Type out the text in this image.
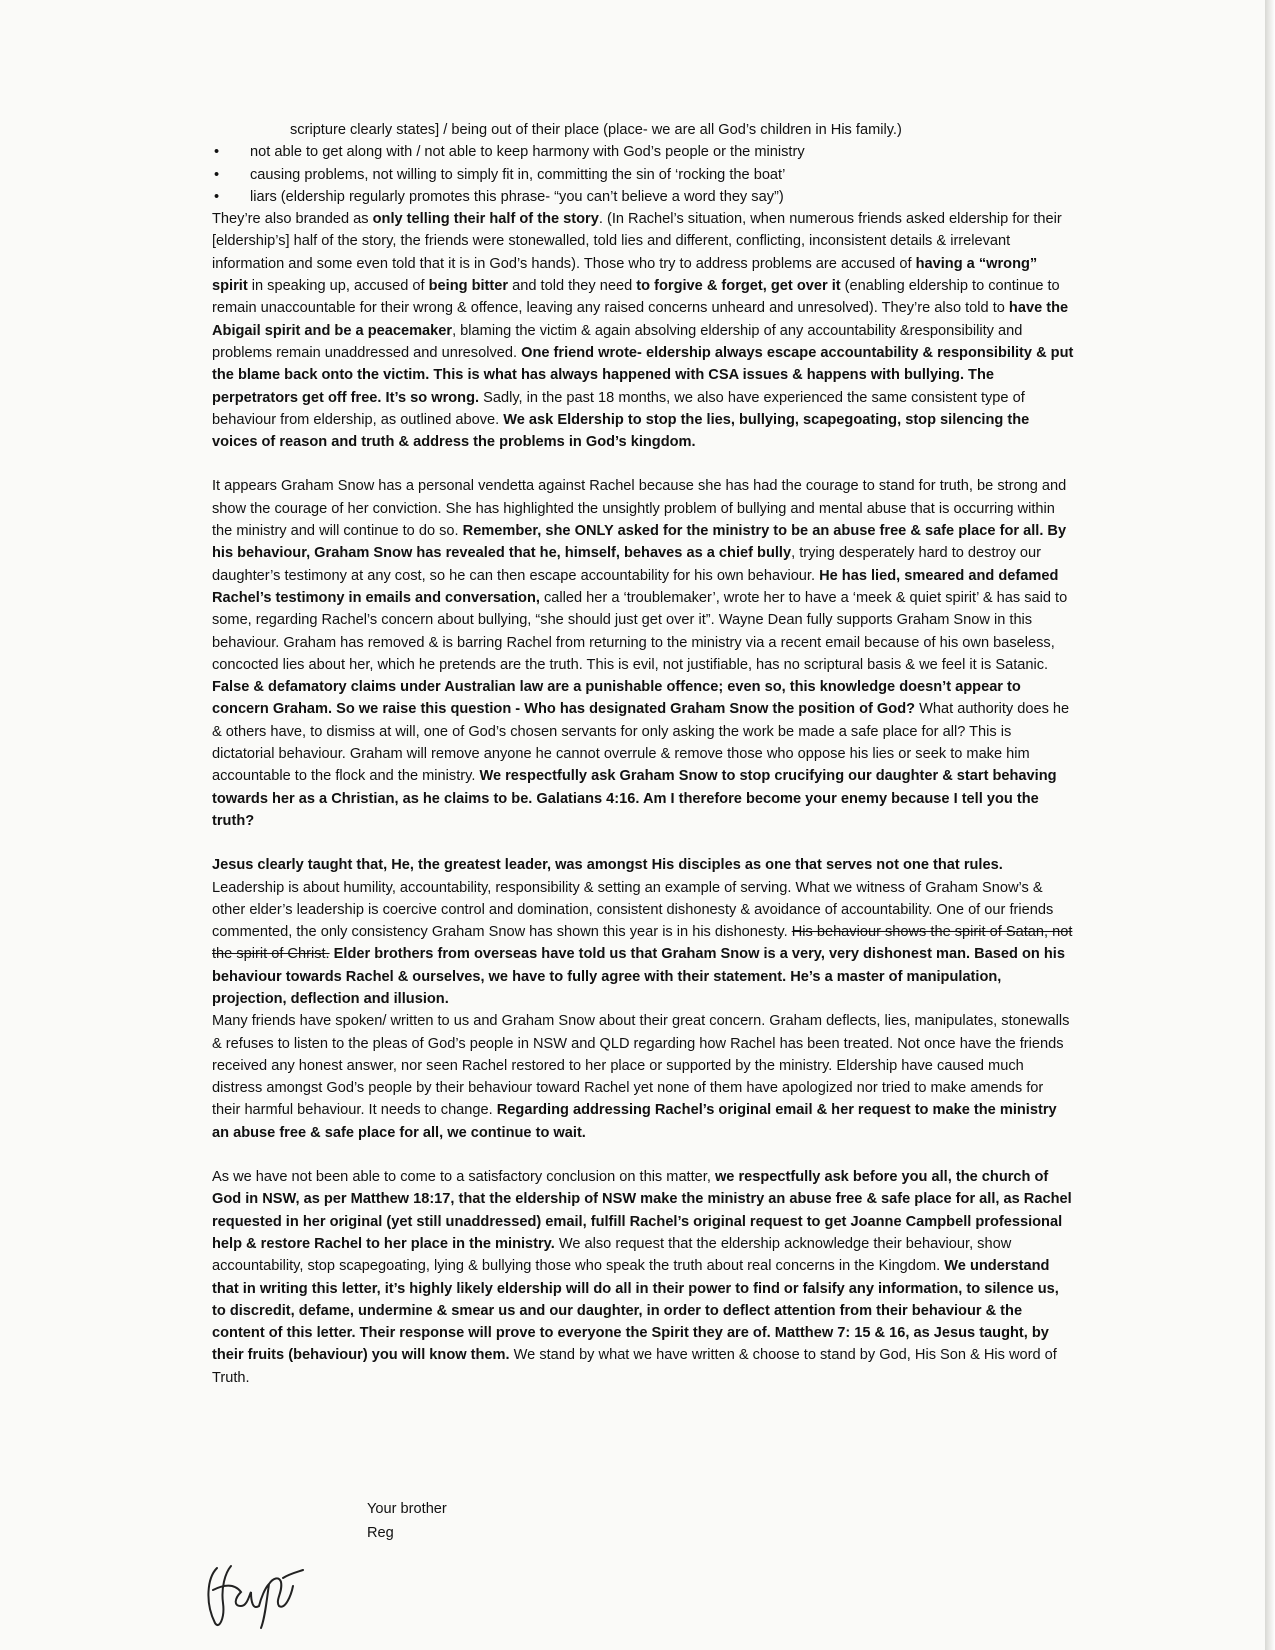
scripture clearly states] / being out of their place (place- we are all God’s children in His family.)

• not able to get along with / not able to keep harmony with God’s people or the ministry
• causing problems, not willing to simply fit in, committing the sin of ‘rocking the boat’
• liars (eldership regularly promotes this phrase- “you can’t believe a word they say”)

They’re also branded as only telling their half of the story. (In Rachel’s situation, when numerous friends asked eldership for their [eldership’s] half of the story, the friends were stonewalled, told lies and different, conflicting, inconsistent details & irrelevant information and some even told that it is in God’s hands). Those who try to address problems are accused of having a “wrong” spirit in speaking up, accused of being bitter and told they need to forgive & forget, get over it (enabling eldership to continue to remain unaccountable for their wrong & offence, leaving any raised concerns unheard and unresolved). They’re also told to have the Abigail spirit and be a peacemaker, blaming the victim & again absolving eldership of any accountability &responsibility and problems remain unaddressed and unresolved. One friend wrote- eldership always escape accountability & responsibility & put the blame back onto the victim. This is what has always happened with CSA issues & happens with bullying. The perpetrators get off free. It’s so wrong. Sadly, in the past 18 months, we also have experienced the same consistent type of behaviour from eldership, as outlined above. We ask Eldership to stop the lies, bullying, scapegoating, stop silencing the voices of reason and truth & address the problems in God’s kingdom.

It appears Graham Snow has a personal vendetta against Rachel because she has had the courage to stand for truth, be strong and show the courage of her conviction. She has highlighted the unsightly problem of bullying and mental abuse that is occurring within the ministry and will continue to do so. Remember, she ONLY asked for the ministry to be an abuse free & safe place for all. By his behaviour, Graham Snow has revealed that he, himself, behaves as a chief bully, trying desperately hard to destroy our daughter’s testimony at any cost, so he can then escape accountability for his own behaviour. He has lied, smeared and defamed Rachel’s testimony in emails and conversation, called her a ‘troublemaker’, wrote her to have a ‘meek & quiet spirit’ & has said to some, regarding Rachel’s concern about bullying, “she should just get over it”. Wayne Dean fully supports Graham Snow in this behaviour. Graham has removed & is barring Rachel from returning to the ministry via a recent email because of his own baseless, concocted lies about her, which he pretends are the truth. This is evil, not justifiable, has no scriptural basis & we feel it is Satanic. False & defamatory claims under Australian law are a punishable offence; even so, this knowledge doesn’t appear to concern Graham. So we raise this question - Who has designated Graham Snow the position of God? What authority does he & others have, to dismiss at will, one of God’s chosen servants for only asking the work be made a safe place for all? This is dictatorial behaviour. Graham will remove anyone he cannot overrule & remove those who oppose his lies or seek to make him accountable to the flock and the ministry. We respectfully ask Graham Snow to stop crucifying our daughter & start behaving towards her as a Christian, as he claims to be. Galatians 4:16. Am I therefore become your enemy because I tell you the truth?

Jesus clearly taught that, He, the greatest leader, was amongst His disciples as one that serves not one that rules. Leadership is about humility, accountability, responsibility & setting an example of serving. What we witness of Graham Snow’s & other elder’s leadership is coercive control and domination, consistent dishonesty & avoidance of accountability. One of our friends commented, the only consistency Graham Snow has shown this year is in his dishonesty. His behaviour shows the spirit of Satan, not the spirit of Christ. Elder brothers from overseas have told us that Graham Snow is a very, very dishonest man. Based on his behaviour towards Rachel & ourselves, we have to fully agree with their statement. He’s a master of manipulation, projection, deflection and illusion.

Many friends have spoken/ written to us and Graham Snow about their great concern. Graham deflects, lies, manipulates, stonewalls & refuses to listen to the pleas of God’s people in NSW and QLD regarding how Rachel has been treated. Not once have the friends received any honest answer, nor seen Rachel restored to her place or supported by the ministry. Eldership have caused much distress amongst God’s people by their behaviour toward Rachel yet none of them have apologized nor tried to make amends for their harmful behaviour. It needs to change. Regarding addressing Rachel’s original email & her request to make the ministry an abuse free & safe place for all, we continue to wait.

As we have not been able to come to a satisfactory conclusion on this matter, we respectfully ask before you all, the church of God in NSW, as per Matthew 18:17, that the eldership of NSW make the ministry an abuse free & safe place for all, as Rachel requested in her original (yet still unaddressed) email, fulfill Rachel’s original request to get Joanne Campbell professional help & restore Rachel to her place in the ministry. We also request that the eldership acknowledge their behaviour, show accountability, stop scapegoating, lying & bullying those who speak the truth about real concerns in the Kingdom. We understand that in writing this letter, it’s highly likely eldership will do all in their power to find or falsify any information, to silence us, to discredit, defame, undermine & smear us and our daughter, in order to deflect attention from their behaviour & the content of this letter. Their response will prove to everyone the Spirit they are of. Matthew 7: 15 & 16, as Jesus taught, by their fruits (behaviour) you will know them. We stand by what we have written & choose to stand by God, His Son & His word of Truth.

Your brother
Reg
